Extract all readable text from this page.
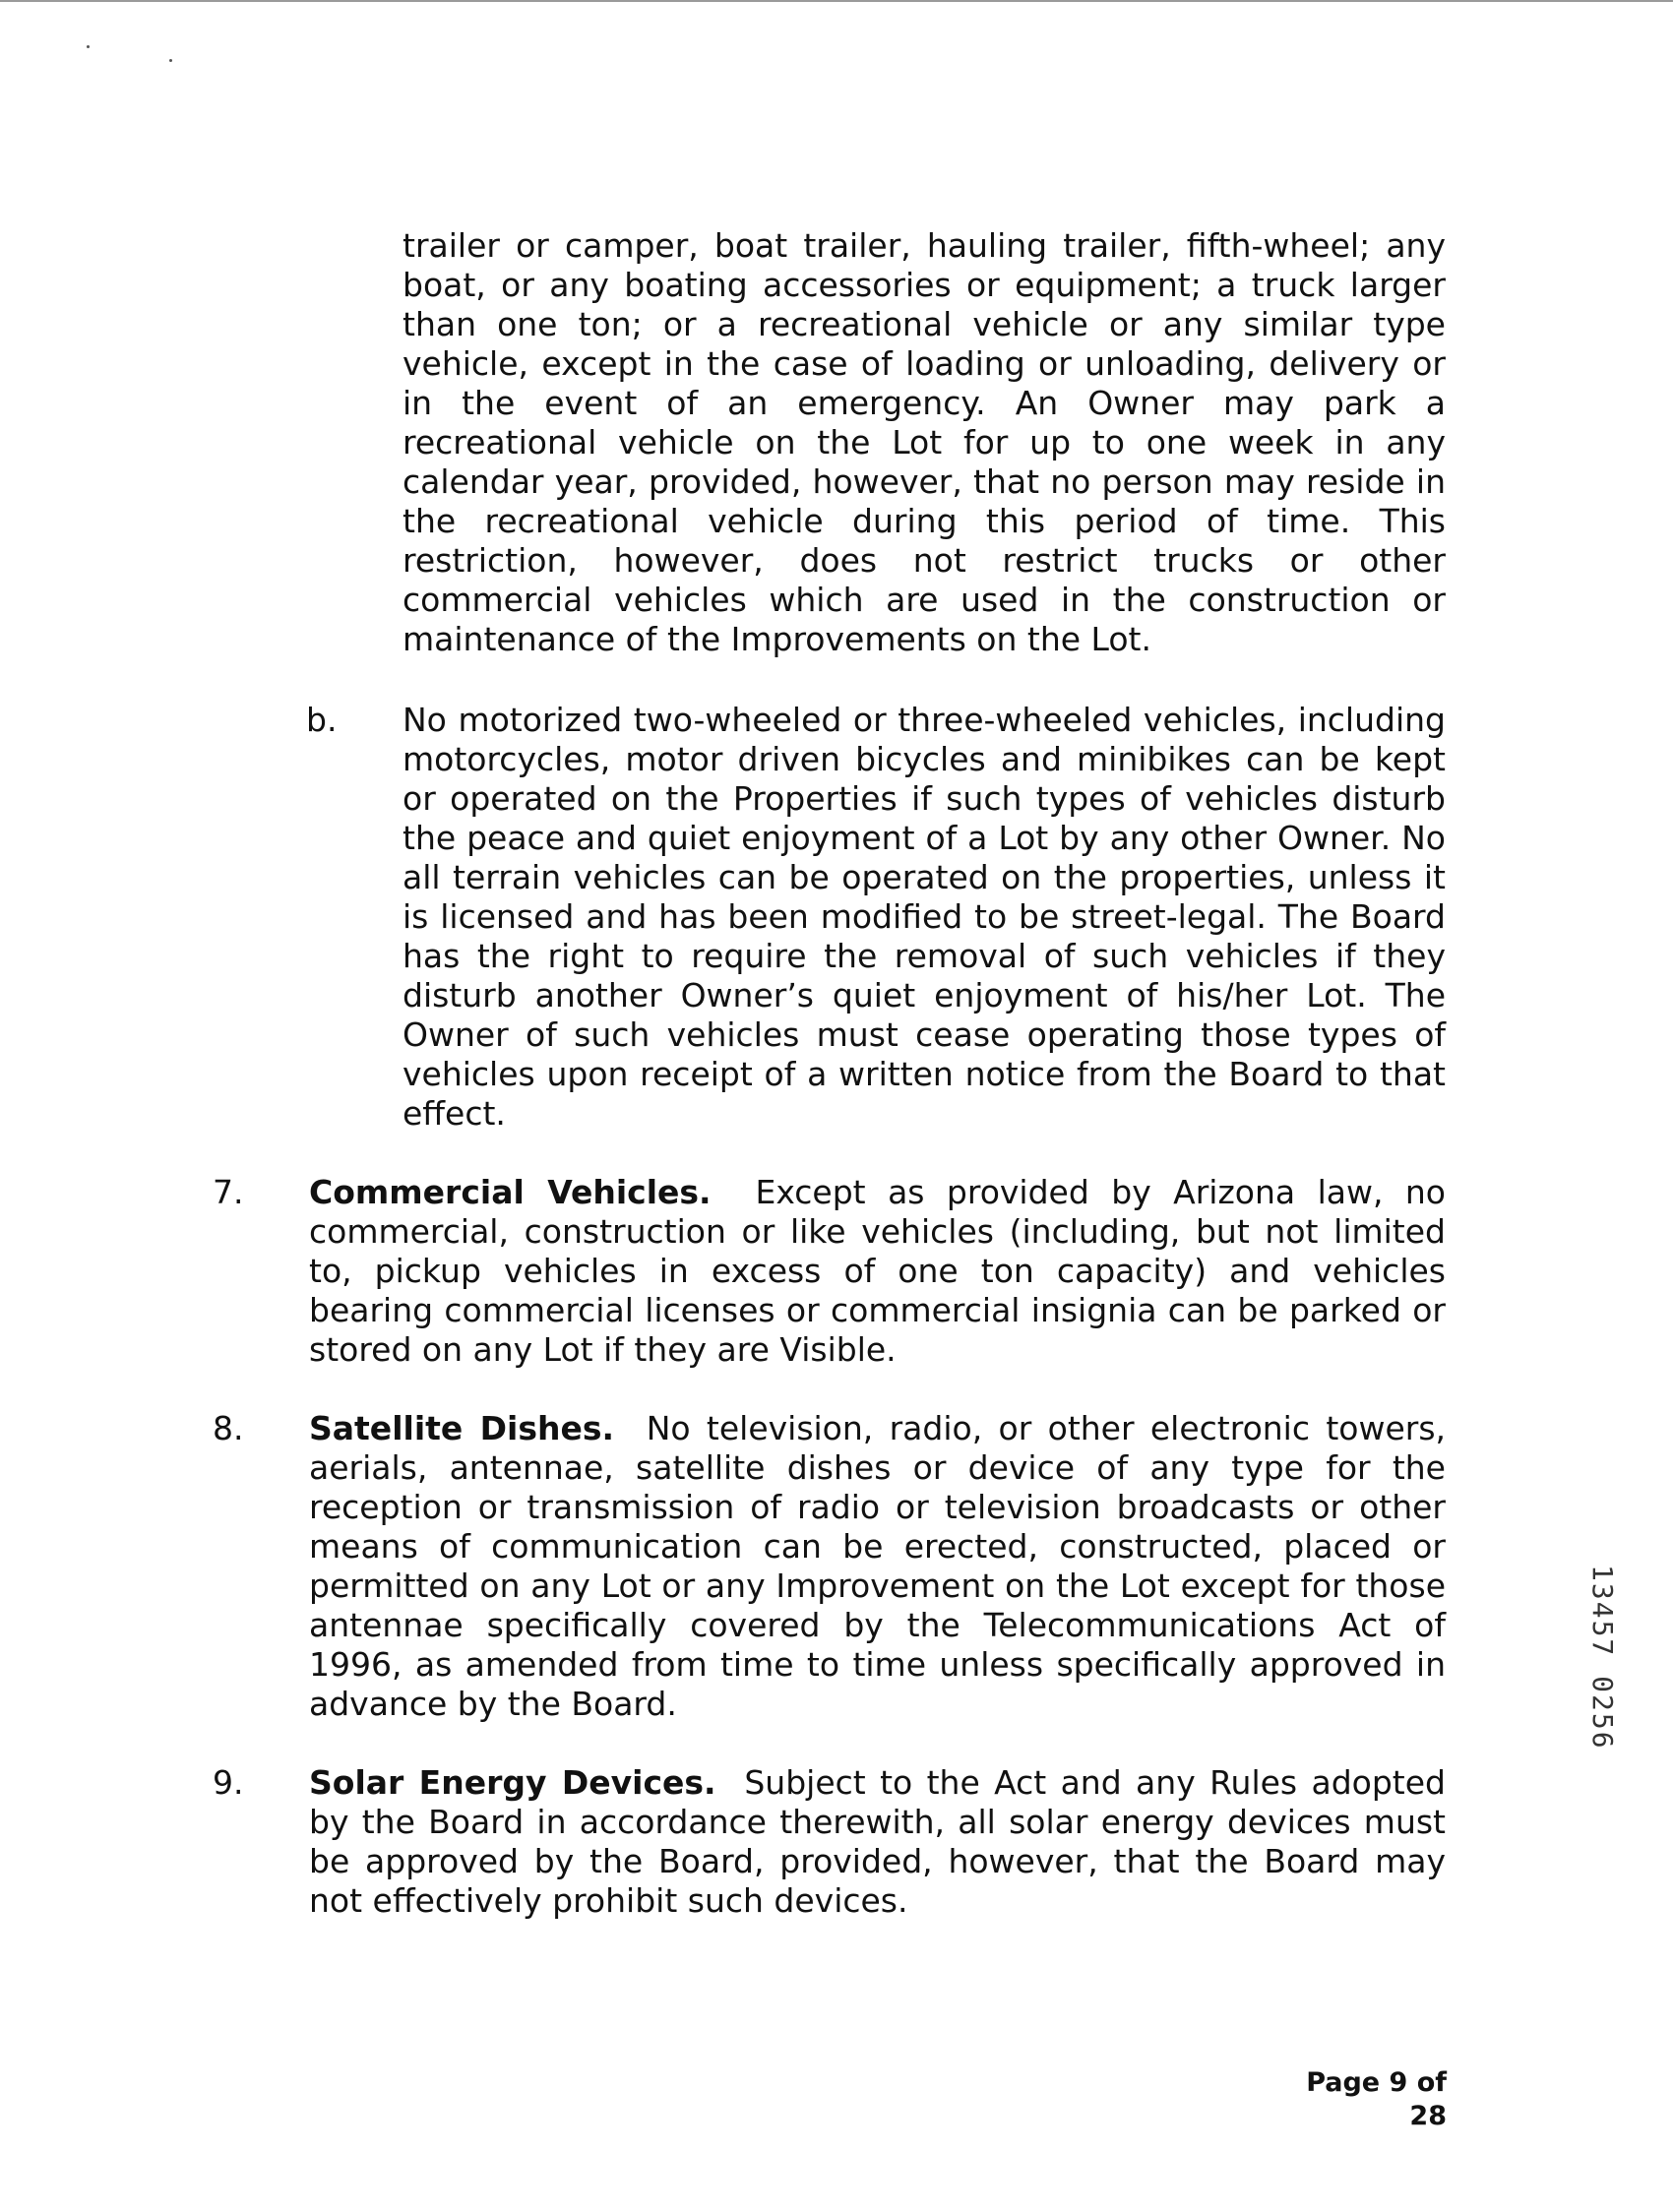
trailer or camper, boat trailer, hauling trailer, fifth-wheel; any boat, or any boating accessories or equipment; a truck larger than one ton; or a recreational vehicle or any similar type vehicle, except in the case of loading or unloading, delivery or in the event of an emergency. An Owner may park a recreational vehicle on the Lot for up to one week in any calendar year, provided, however, that no person may reside in the recreational vehicle during this period of time. This restriction, however, does not restrict trucks or other commercial vehicles which are used in the construction or maintenance of the Improvements on the Lot.

b. No motorized two-wheeled or three-wheeled vehicles, including motorcycles, motor driven bicycles and minibikes can be kept or operated on the Properties if such types of vehicles disturb the peace and quiet enjoyment of a Lot by any other Owner. No all terrain vehicles can be operated on the properties, unless it is licensed and has been modified to be street-legal. The Board has the right to require the removal of such vehicles if they disturb another Owner’s quiet enjoyment of his/her Lot. The Owner of such vehicles must cease operating those types of vehicles upon receipt of a written notice from the Board to that effect.

7. Commercial Vehicles. Except as provided by Arizona law, no commercial, construction or like vehicles (including, but not limited to, pickup vehicles in excess of one ton capacity) and vehicles bearing commercial licenses or commercial insignia can be parked or stored on any Lot if they are Visible.

8. Satellite Dishes. No television, radio, or other electronic towers, aerials, antennae, satellite dishes or device of any type for the reception or transmission of radio or television broadcasts or other means of communication can be erected, constructed, placed or permitted on any Lot or any Improvement on the Lot except for those antennae specifically covered by the Telecommunications Act of 1996, as amended from time to time unless specifically approved in advance by the Board.

9. Solar Energy Devices. Subject to the Act and any Rules adopted by the Board in accordance therewith, all solar energy devices must be approved by the Board, provided, however, that the Board may not effectively prohibit such devices.

13457 0256
Page 9 of 28
